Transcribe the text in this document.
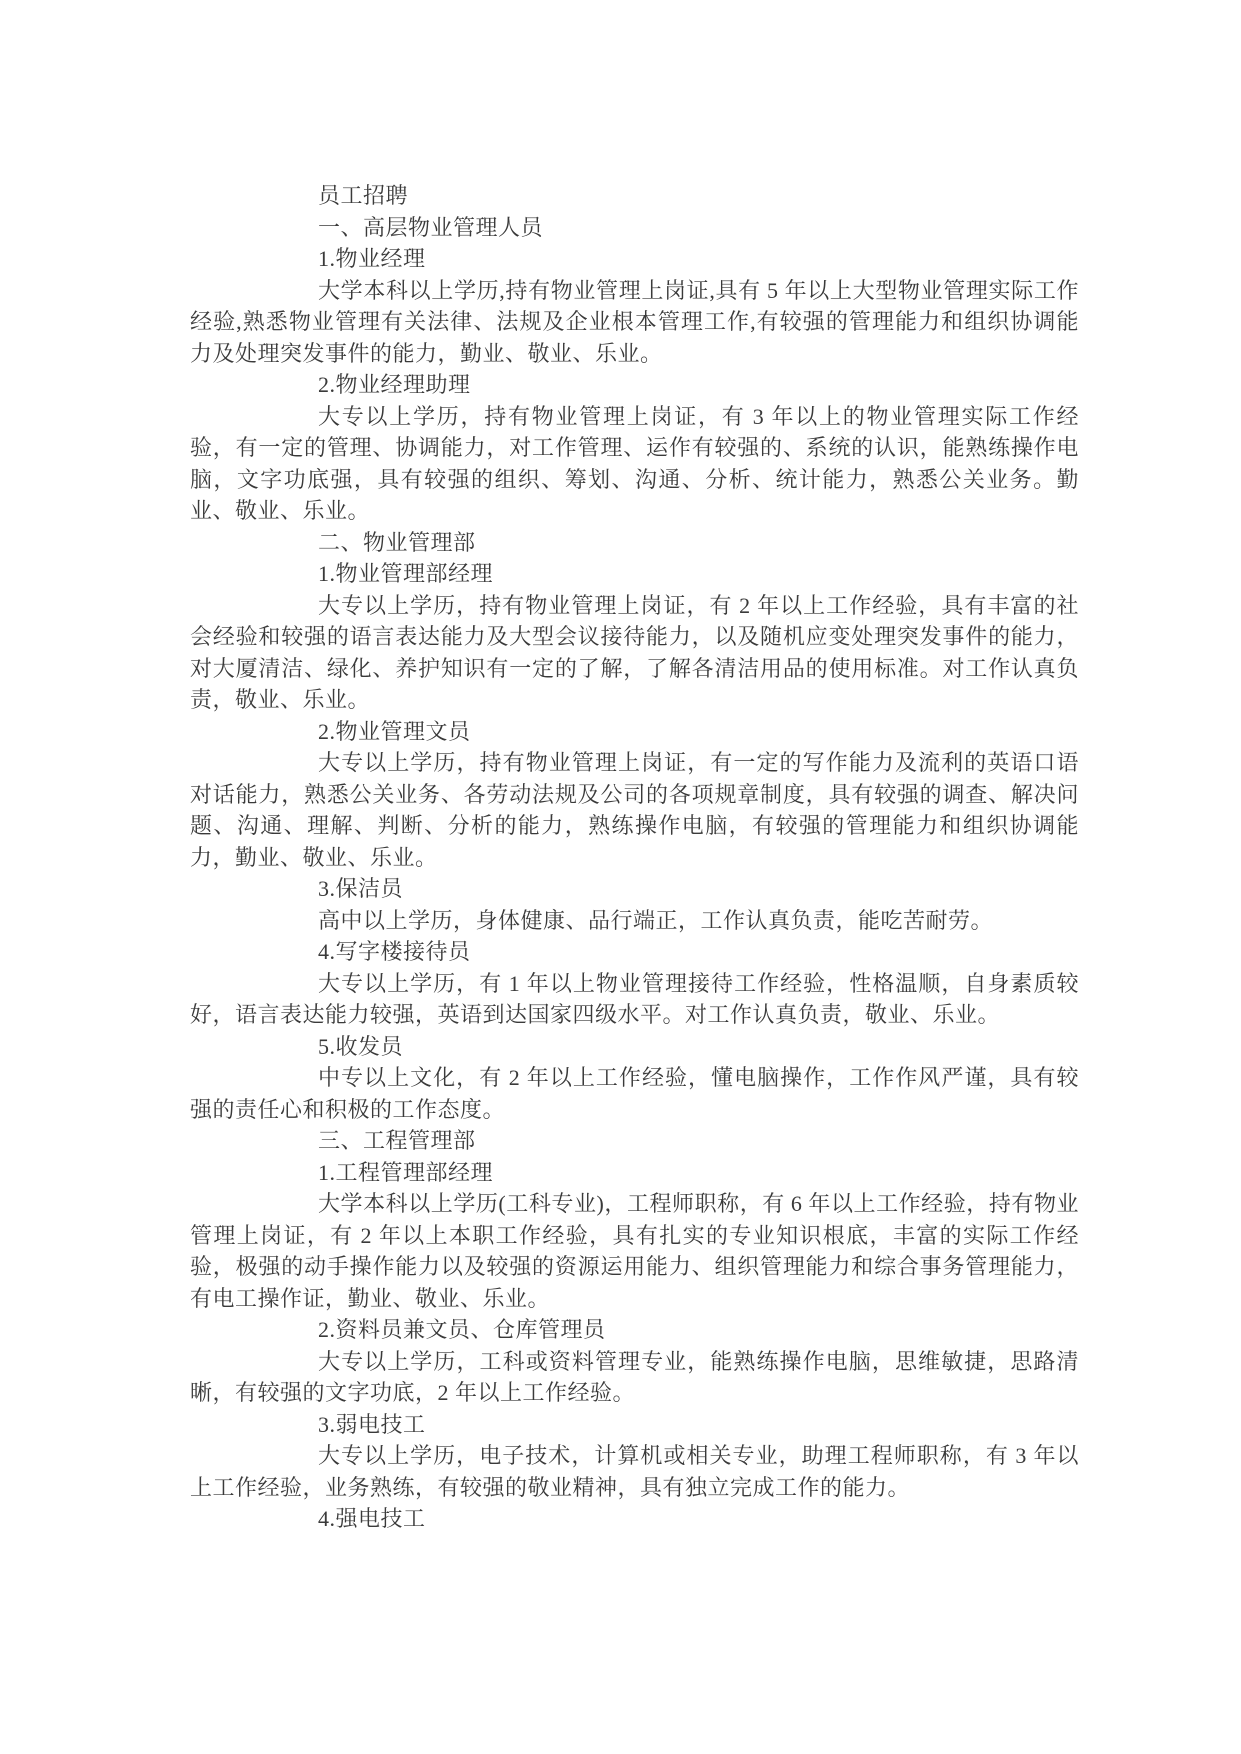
员工招聘

一、高层物业管理人员

1.物业经理

大学本科以上学历,持有物业管理上岗证,具有 5 年以上大型物业管理实际工作经验,熟悉物业管理有关法律、法规及企业根本管理工作,有较强的管理能力和组织协调能力及处理突发事件的能力，勤业、敬业、乐业。

2.物业经理助理

大专以上学历，持有物业管理上岗证，有 3 年以上的物业管理实际工作经验，有一定的管理、协调能力，对工作管理、运作有较强的、系统的认识，能熟练操作电脑，文字功底强，具有较强的组织、筹划、沟通、分析、统计能力，熟悉公关业务。勤业、敬业、乐业。

二、物业管理部

1.物业管理部经理

大专以上学历，持有物业管理上岗证，有 2 年以上工作经验，具有丰富的社会经验和较强的语言表达能力及大型会议接待能力，以及随机应变处理突发事件的能力，对大厦清洁、绿化、养护知识有一定的了解，了解各清洁用品的使用标准。对工作认真负责，敬业、乐业。

2.物业管理文员

大专以上学历，持有物业管理上岗证，有一定的写作能力及流利的英语口语对话能力，熟悉公关业务、各劳动法规及公司的各项规章制度，具有较强的调查、解决问题、沟通、理解、判断、分析的能力，熟练操作电脑，有较强的管理能力和组织协调能力，勤业、敬业、乐业。

3.保洁员

高中以上学历，身体健康、品行端正，工作认真负责，能吃苦耐劳。

4.写字楼接待员

大专以上学历，有 1 年以上物业管理接待工作经验，性格温顺，自身素质较好，语言表达能力较强，英语到达国家四级水平。对工作认真负责，敬业、乐业。

5.收发员

中专以上文化，有 2 年以上工作经验，懂电脑操作，工作作风严谨，具有较强的责任心和积极的工作态度。

三、工程管理部

1.工程管理部经理

大学本科以上学历(工科专业)，工程师职称，有 6 年以上工作经验，持有物业管理上岗证，有 2 年以上本职工作经验，具有扎实的专业知识根底，丰富的实际工作经验，极强的动手操作能力以及较强的资源运用能力、组织管理能力和综合事务管理能力，有电工操作证，勤业、敬业、乐业。

2.资料员兼文员、仓库管理员

大专以上学历，工科或资料管理专业，能熟练操作电脑，思维敏捷，思路清晰，有较强的文字功底，2 年以上工作经验。

3.弱电技工

大专以上学历，电子技术，计算机或相关专业，助理工程师职称，有 3 年以上工作经验，业务熟练，有较强的敬业精神，具有独立完成工作的能力。

4.强电技工
